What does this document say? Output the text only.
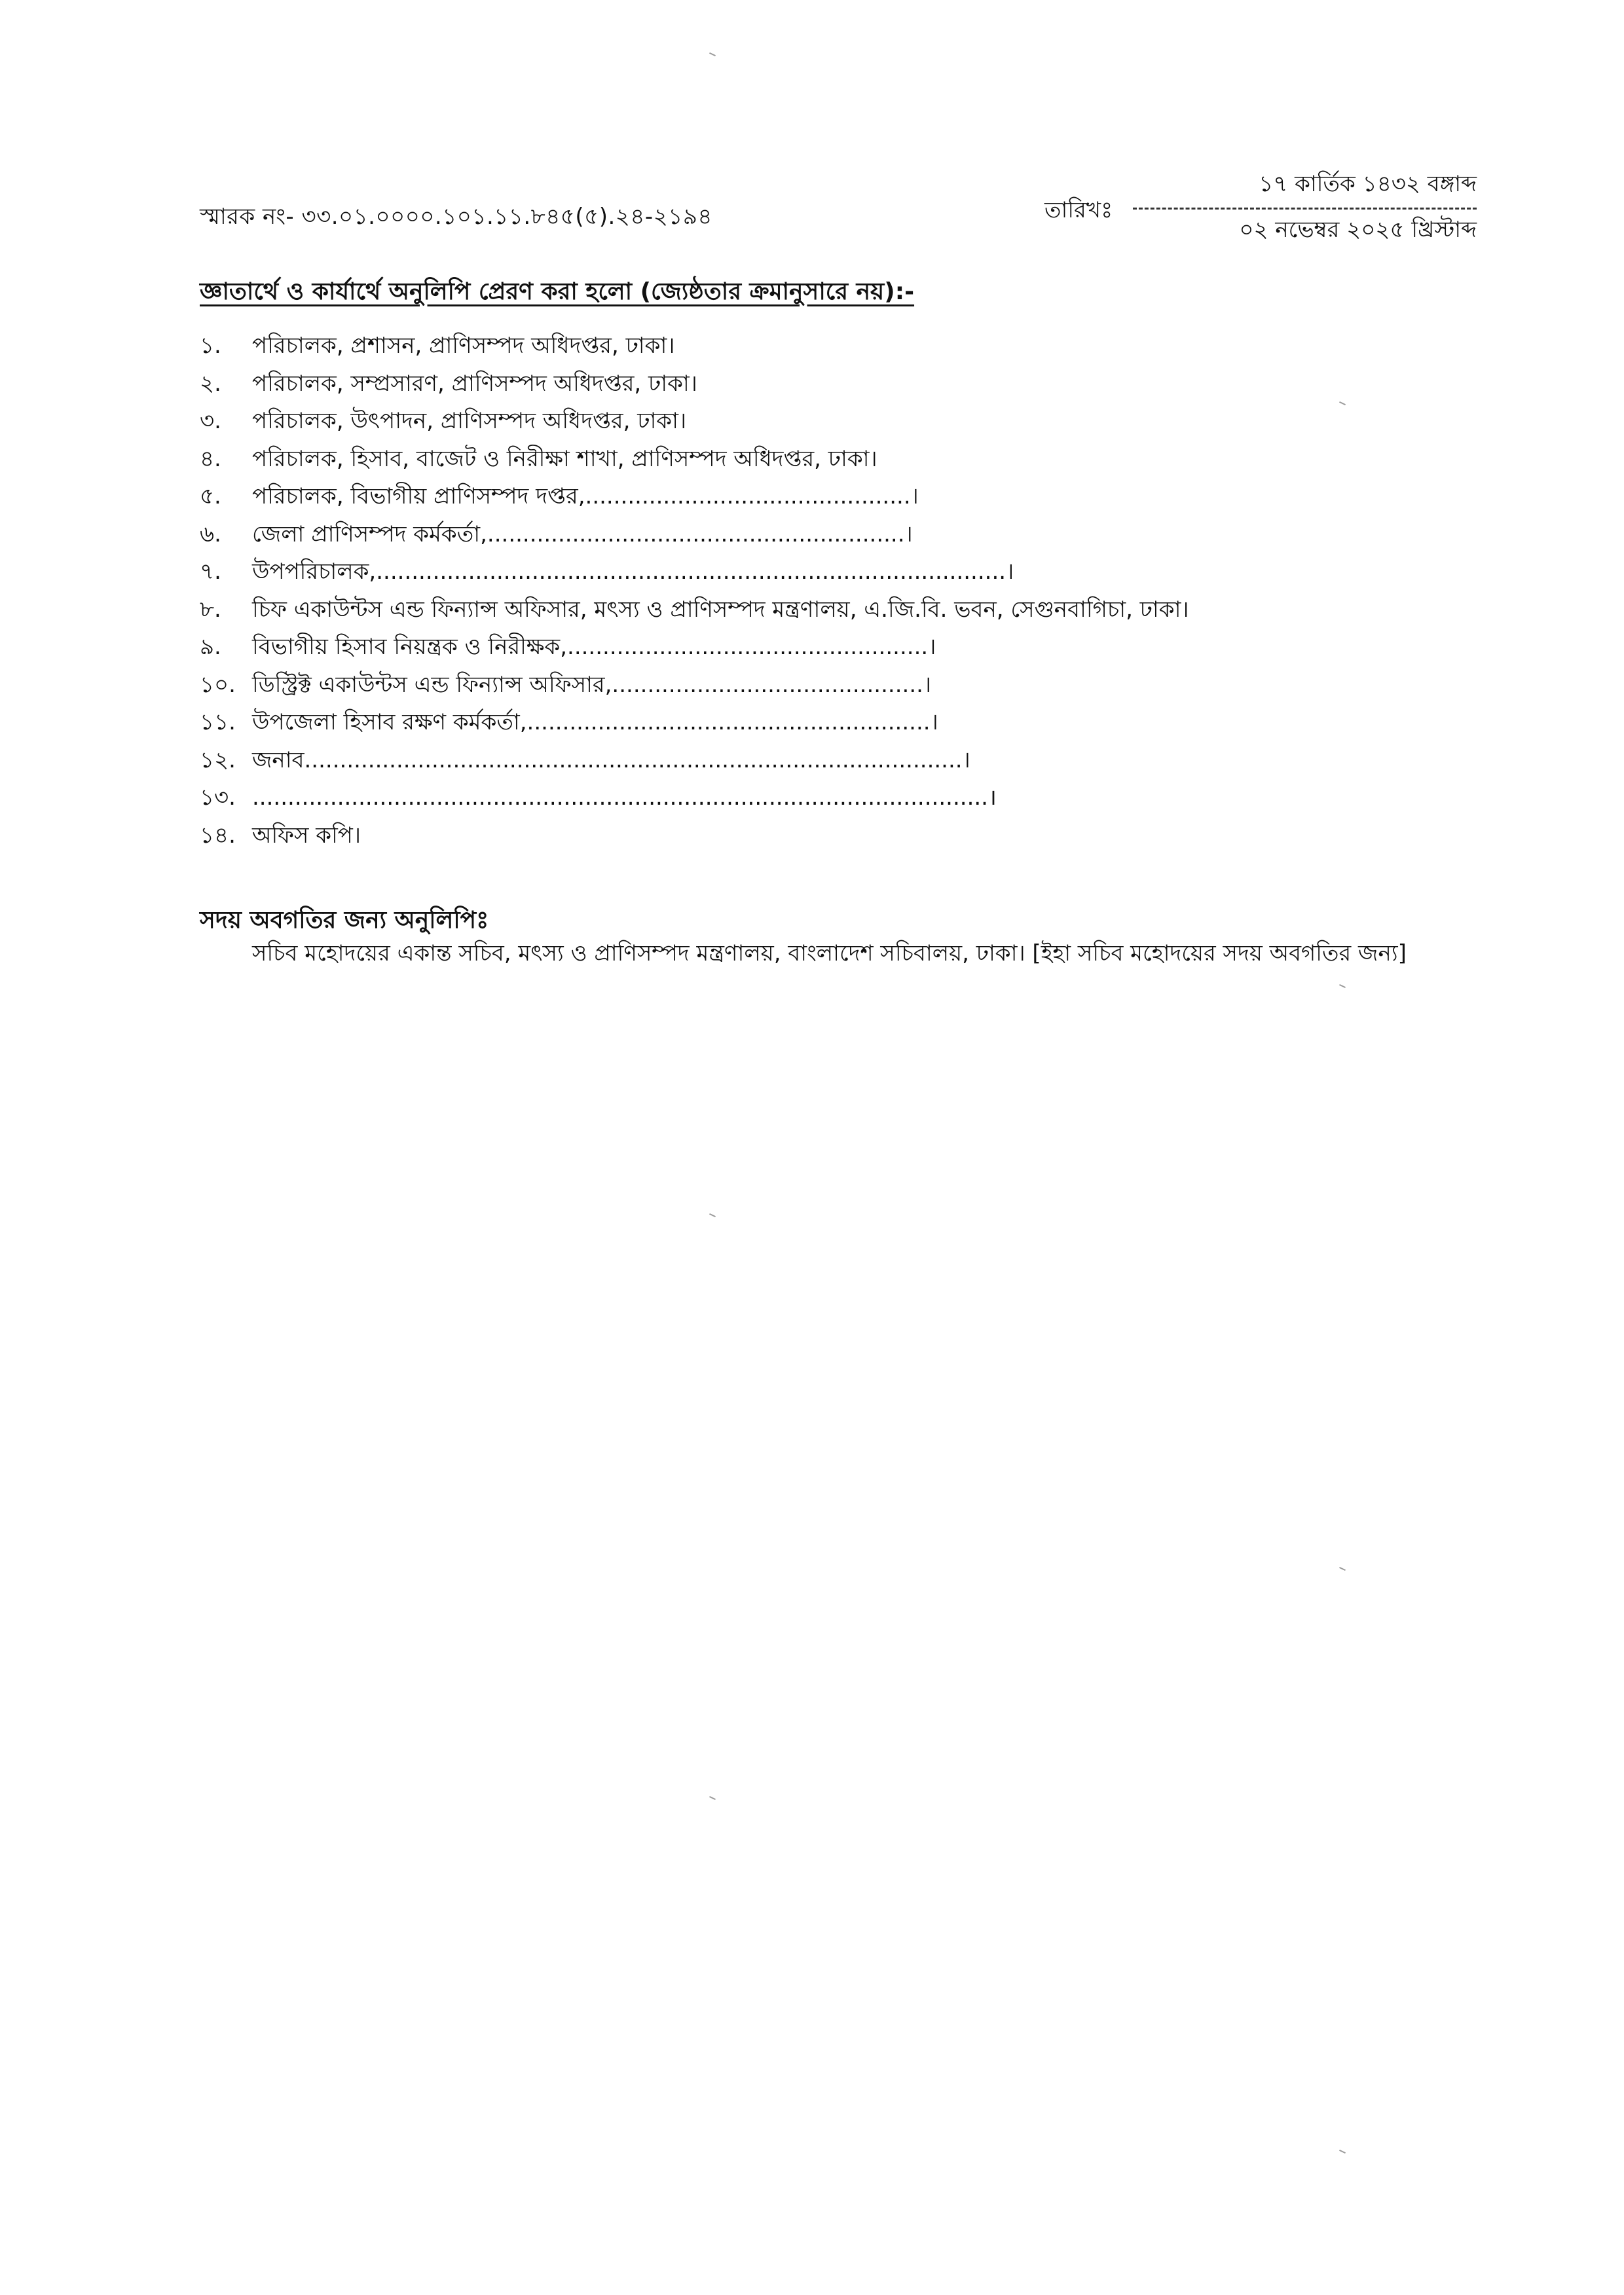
স্মারক নং- ৩৩.০১.০০০০.১০১.১১.৮৪৫(৫).২৪-২১৯৪	তারিখঃ
১৭ কার্তিক ১৪৩২ বঙ্গাব্দ
০২ নভেম্বর ২০২৫ খ্রিস্টাব্দ
জ্ঞাতার্থে ও কার্যার্থে অনুলিপি প্রেরণ করা হলো (জ্যেষ্ঠতার ক্রমানুসারে নয়):-
১.	পরিচালক, প্রশাসন, প্রাণিসম্পদ অধিদপ্তর, ঢাকা।
২.	পরিচালক, সম্প্রসারণ, প্রাণিসম্পদ অধিদপ্তর, ঢাকা।
৩.	পরিচালক, উৎপাদন, প্রাণিসম্পদ অধিদপ্তর, ঢাকা।
৪.	পরিচালক, হিসাব, বাজেট ও নিরীক্ষা শাখা, প্রাণিসম্পদ অধিদপ্তর, ঢাকা।
৫.	পরিচালক, বিভাগীয় প্রাণিসম্পদ দপ্তর,..............................................।
৬.	জেলা প্রাণিসম্পদ কর্মকর্তা,...........................................................।
৭.	উপপরিচালক,.........................................................................................।
৮.	চিফ একাউন্টস এন্ড ফিন্যান্স অফিসার, মৎস্য ও প্রাণিসম্পদ মন্ত্রণালয়, এ.জি.বি. ভবন, সেগুনবাগিচা, ঢাকা।
৯.	বিভাগীয় হিসাব নিয়ন্ত্রক ও নিরীক্ষক,...................................................।
১০. ডিস্ট্রিক্ট একাউন্টস এন্ড ফিন্যান্স অফিসার,............................................।
১১. উপজেলা হিসাব রক্ষণ কর্মকর্তা,.........................................................।
১২. জনাব.............................................................................................।
১৩. ........................................................................................................।
১৪. অফিস কপি।
সদয় অবগতির জন্য অনুলিপিঃ
সচিব মহোদয়ের একান্ত সচিব, মৎস্য ও প্রাণিসম্পদ মন্ত্রণালয়, বাংলাদেশ সচিবালয়, ঢাকা। [ইহা সচিব মহোদয়ের সদয় অবগতির জন্য]
